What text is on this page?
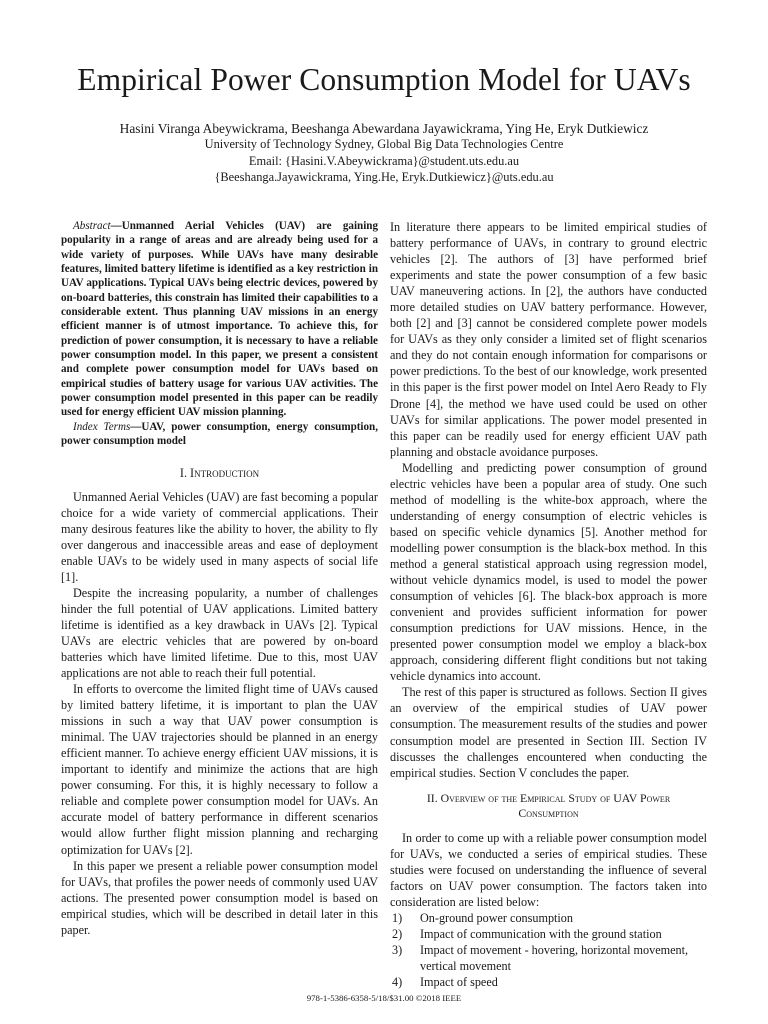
Empirical Power Consumption Model for UAVs
Hasini Viranga Abeywickrama, Beeshanga Abewardana Jayawickrama, Ying He, Eryk Dutkiewicz
University of Technology Sydney, Global Big Data Technologies Centre
Email: {Hasini.V.Abeywickrama}@student.uts.edu.au
{Beeshanga.Jayawickrama, Ying.He, Eryk.Dutkiewicz}@uts.edu.au

Abstract—Unmanned Aerial Vehicles (UAV) are gaining popularity in a range of areas and are already being used for a wide variety of purposes. While UAVs have many desirable features, limited battery lifetime is identified as a key restriction in UAV applications. Typical UAVs being electric devices, powered by on-board batteries, this constrain has limited their capabilities to a considerable extent. Thus planning UAV missions in an energy efficient manner is of utmost importance. To achieve this, for prediction of power consumption, it is necessary to have a reliable power consumption model. In this paper, we present a consistent and complete power consumption model for UAVs based on empirical studies of battery usage for various UAV activities. The power consumption model presented in this paper can be readily used for energy efficient UAV mission planning.

Index Terms—UAV, power consumption, energy consumption, power consumption model

I. Introduction

Unmanned Aerial Vehicles (UAV) are fast becoming a popular choice for a wide variety of commercial applications. Their many desirous features like the ability to hover, the ability to fly over dangerous and inaccessible areas and ease of deployment enable UAVs to be widely used in many aspects of social life [1].

Despite the increasing popularity, a number of challenges hinder the full potential of UAV applications. Limited battery lifetime is identified as a key drawback in UAVs [2]. Typical UAVs are electric vehicles that are powered by on-board batteries which have limited lifetime. Due to this, most UAV applications are not able to reach their full potential.

In efforts to overcome the limited flight time of UAVs caused by limited battery lifetime, it is important to plan the UAV missions in such a way that UAV power consumption is minimal. The UAV trajectories should be planned in an energy efficient manner. To achieve energy efficient UAV missions, it is important to identify and minimize the actions that are high power consuming. For this, it is highly necessary to follow a reliable and complete power consumption model for UAVs. An accurate model of battery performance in different scenarios would allow further flight mission planning and recharging optimization for UAVs [2].

In this paper we present a reliable power consumption model for UAVs, that profiles the power needs of commonly used UAV actions. The presented power consumption model is based on empirical studies, which will be described in detail later in this paper.

In literature there appears to be limited empirical studies of battery performance of UAVs, in contrary to ground electric vehicles [2]. The authors of [3] have performed brief experiments and state the power consumption of a few basic UAV maneuvering actions. In [2], the authors have conducted more detailed studies on UAV battery performance. However, both [2] and [3] cannot be considered complete power models for UAVs as they only consider a limited set of flight scenarios and they do not contain enough information for comparisons or power predictions. To the best of our knowledge, work presented in this paper is the first power model on Intel Aero Ready to Fly Drone [4], the method we have used could be used on other UAVs for similar applications. The power model presented in this paper can be readily used for energy efficient UAV path planning and obstacle avoidance purposes.

Modelling and predicting power consumption of ground electric vehicles have been a popular area of study. One such method of modelling is the white-box approach, where the understanding of energy consumption of electric vehicles is based on specific vehicle dynamics [5]. Another method for modelling power consumption is the black-box method. In this method a general statistical approach using regression model, without vehicle dynamics model, is used to model the power consumption of vehicles [6]. The black-box approach is more convenient and provides sufficient information for power consumption predictions for UAV missions. Hence, in the presented power consumption model we employ a black-box approach, considering different flight conditions but not taking vehicle dynamics into account.

The rest of this paper is structured as follows. Section II gives an overview of the empirical studies of UAV power consumption. The measurement results of the studies and power consumption model are presented in Section III. Section IV discusses the challenges encountered when conducting the empirical studies. Section V concludes the paper.

II. Overview of the Empirical Study of UAV Power
Consumption

In order to come up with a reliable power consumption model for UAVs, we conducted a series of empirical studies. These studies were focused on understanding the influence of several factors on UAV power consumption. The factors taken into consideration are listed below:

1) On-ground power consumption
2) Impact of communication with the ground station
3) Impact of movement - hovering, horizontal movement, vertical movement
4) Impact of speed
978-1-5386-6358-5/18/$31.00 ©2018 IEEE
